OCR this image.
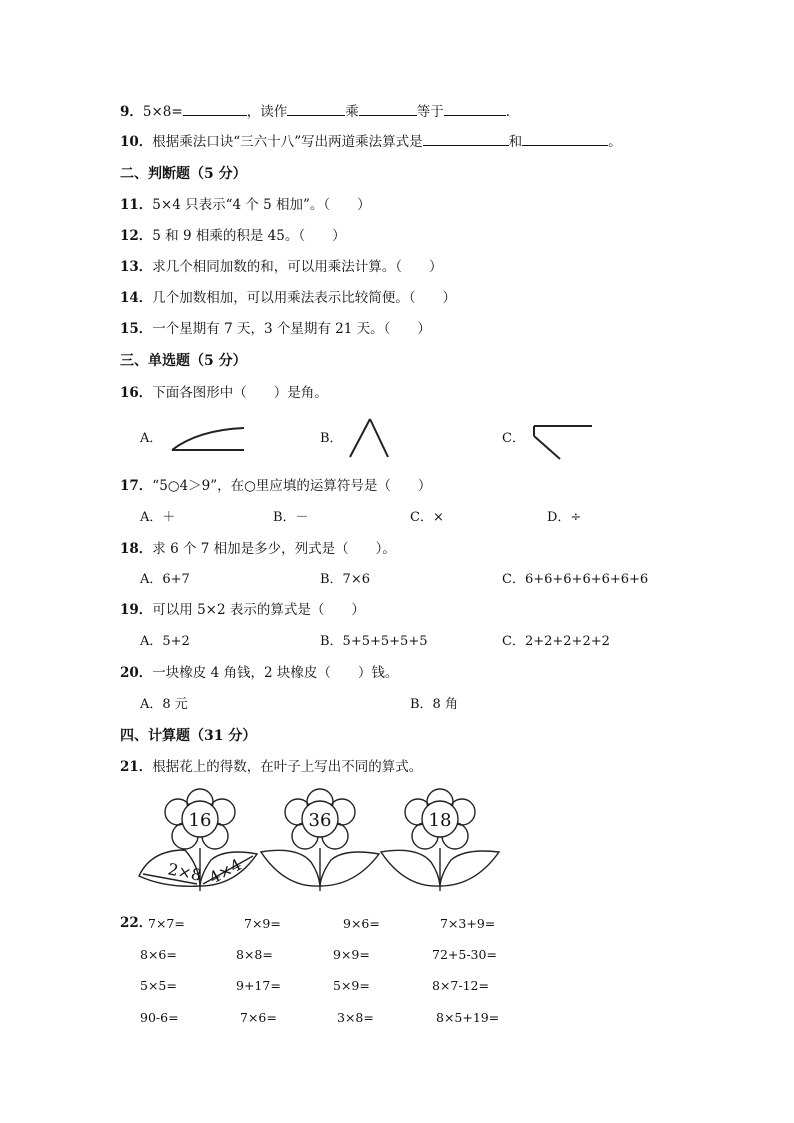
9．5×8=	，读作	乘	等于	．
10．根据乘法口诀“三六十八”写出两道乘法算式是	和	。
二、判断题（5 分）
11．5×4 只表示“4 个 5 相加”。（　　）
12．5 和 9 相乘的积是 45。（　　）
13．求几个相同加数的和，可以用乘法计算。（　　）
14．几个加数相加，可以用乘法表示比较简便。（　　）
15．一个星期有 7 天，3 个星期有 21 天。（　　）
三、单选题（5 分）
16．下面各图形中（　　）是角。
A．	B．	C．
17．“5○4＞9”，在○里应填的运算符号是（　　）
A．＋	B．－	C．×	D．÷
18．求 6 个 7 相加是多少，列式是（　　）。
A．6+7	B．7×6	C．6+6+6+6+6+6+6
19．可以用 5×2 表示的算式是（　　）
A．5+2	B．5+5+5+5+5	C．2+2+2+2+2
20．一块橡皮 4 角钱，2 块橡皮（　　）钱。
A．8 元	B．8 角
四、计算题（31 分）
21．根据花上的得数，在叶子上写出不同的算式。
16	36	18
2×8 4×4
22．
7×7=	7×9=	9×6=	7×3+9=
8×6=	8×8=	9×9=	72+5-30=
5×5=	9+17=	5×9=	8×7-12=
90-6=	7×6=	3×8=	8×5+19=
